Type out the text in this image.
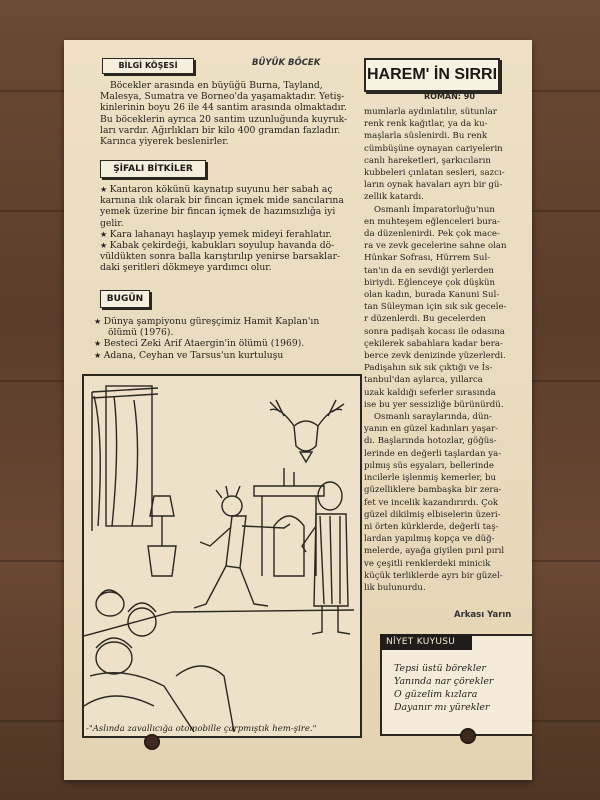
BİLGİ KÖŞESİ	BÜYÜK BÖCEK

Böcekler arasında en büyüğü Burna, Tayland,

Malesya, Sumatra ve Borneo'da yaşamaktadır. Yetiş-

kinlerinin boyu 26 ile 44 santim arasında olmaktadır.

Bu böceklerin ayrıca 20 santim uzunluğunda kuyruk-

ları vardır. Ağırlıkları bir kilo 400 gramdan fazladır.

Karınca yiyerek beslenirler.

ŞİFALI BİTKİLER

★ Kantaron kökünü kaynatıp suyunu her sabah aç

karnına ılık olarak bir fincan içmek mide sancılarına

yemek üzerine bir fincan içmek de hazımsızlığa iyi

gelir.

★ Kara lahanayı haşlayıp yemek mideyi ferahlatır.

★ Kabak çekirdeği, kabukları soyulup havanda dö-

vüldükten sonra balla karıştırılıp yenirse barsaklar-

daki şeritleri dökmeye yardımcı olur.

BUGÜN

★ Dünya şampiyonu güreşçimiz Hamit Kaplan'ın

ölümü (1976).

★ Besteci Zeki Arif Ataergin'in ölümü (1969).

★ Adana, Ceyhan ve Tarsus'un kurtuluşu

-"Aslında zavallıcığa otomobille çarpmıştık hem-şire."
HAREM' İN SIRRI
ROMAN: 90

mumlarla aydınlatılır, sütunlar

renk renk kağıtlar, ya da ku-

maşlarla süslenirdi. Bu renk

cümbüşüne oynayan cariyelerin

canlı hareketleri, şarkıcıların

kubbeleri çınlatan sesleri, sazcı-

ların oynak havaları ayrı bir gü-

zellik katardı.

Osmanlı İmparatorluğu'nun

en muhteşem eğlenceleri bura-

da düzenlenirdi. Pek çok mace-

ra ve zevk gecelerine sahne olan

Hünkar Sofrası, Hürrem Sul-

tan'ın da en sevdiği yerlerden

biriydi. Eğlenceye çok düşkün

olan kadın, burada Kanuni Sul-

tan Süleyman için sık sık gecele-

r düzenlerdi. Bu gecelerden

sonra padişah kocası ile odasına

çekilerek sabahlara kadar bera-

berce zevk denizinde yüzerlerdi.

Padişahın sık sık çıktığı ve İs-

tanbul'dan aylarca, yıllarca

uzak kaldığı seferler sırasında

ise bu yer sessizliğe bürünürdü.

Osmanlı saraylarında, dün-

yanın en güzel kadınları yaşar-

dı. Başlarında hotozlar, göğüs-

lerinde en değerli taşlardan ya-

pılmış süs eşyaları, bellerinde

incilerle işlenmiş kemerler, bu

güzelliklere bambaşka bir zera-

fet ve incelik kazandırırdı. Çok

güzel dikilmiş elbiselerin üzeri-

ni örten kürklerde, değerli taş-

lardan yapılmış kopça ve düğ-

melerde, ayağa giyilen pırıl pırıl

ve çeşitli renklerdeki minicik

küçük terliklerde ayrı bir güzel-

lik bulunurdu.

Arkası Yarın
NİYET KUYUSU
Tepsi üstü börekler
Yanında nar çörekler
O güzelim kızlara
Dayanır mı yürekler
